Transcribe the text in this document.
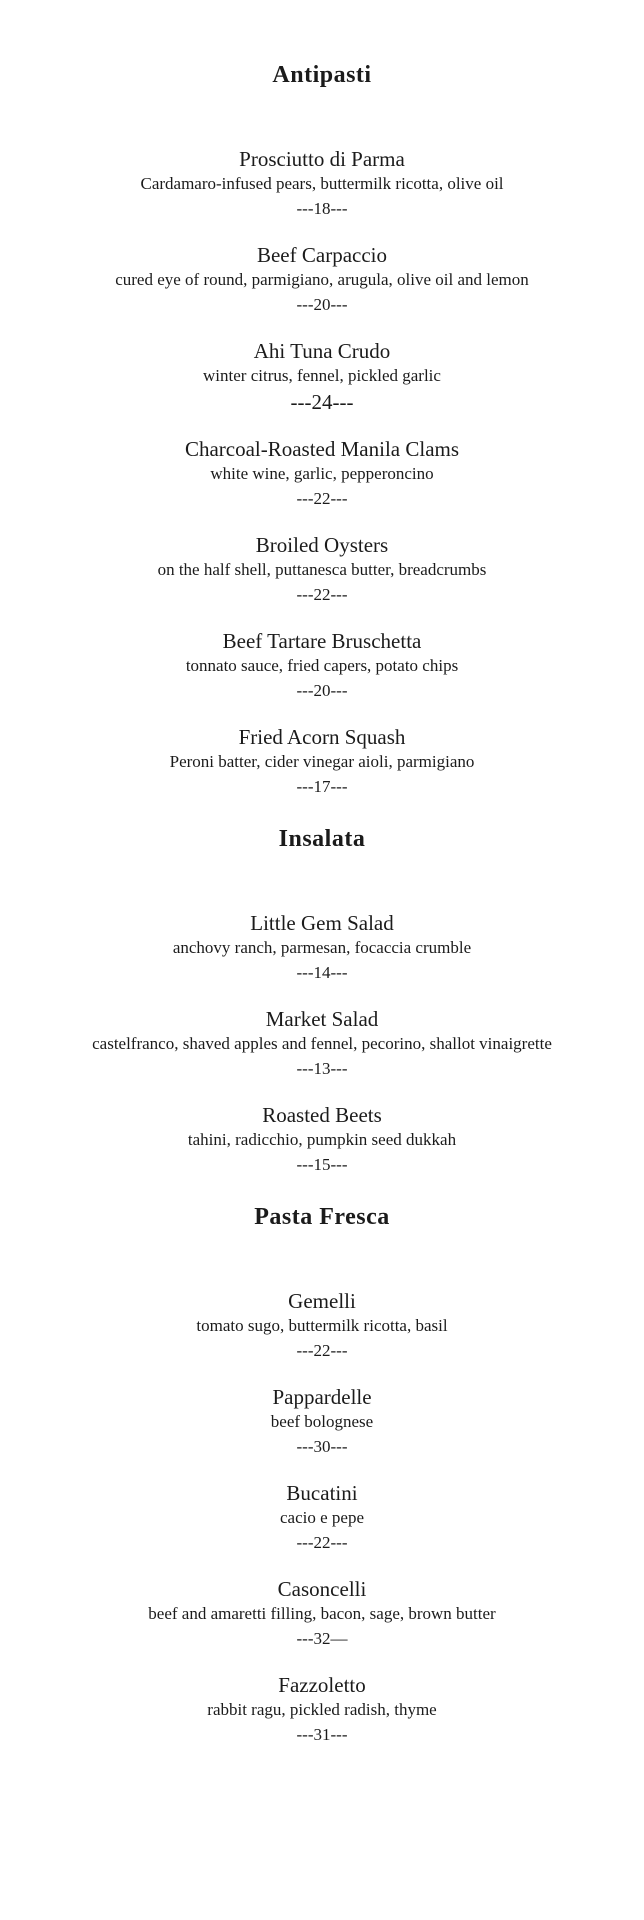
Antipasti
Prosciutto di Parma
Cardamaro-infused pears, buttermilk ricotta, olive oil
---18---
Beef Carpaccio
cured eye of round, parmigiano, arugula, olive oil and lemon
---20---
Ahi Tuna Crudo
winter citrus, fennel, pickled garlic
---24---
Charcoal-Roasted Manila Clams
white wine, garlic, pepperoncino
---22---
Broiled Oysters
on the half shell, puttanesca butter, breadcrumbs
---22---
Beef Tartare Bruschetta
tonnato sauce, fried capers, potato chips
---20---
Fried Acorn Squash
Peroni batter, cider vinegar aioli, parmigiano
---17---
Insalata
Little Gem Salad
anchovy ranch, parmesan, focaccia crumble
---14---
Market Salad
castelfranco, shaved apples and fennel, pecorino, shallot vinaigrette
---13---
Roasted Beets
tahini, radicchio, pumpkin seed dukkah
---15---
Pasta Fresca
Gemelli
tomato sugo, buttermilk ricotta, basil
---22---
Pappardelle
beef bolognese
---30---
Bucatini
cacio e pepe
---22---
Casoncelli
beef and amaretti filling, bacon, sage, brown butter
---32—
Fazzoletto
rabbit ragu, pickled radish, thyme
---31---
